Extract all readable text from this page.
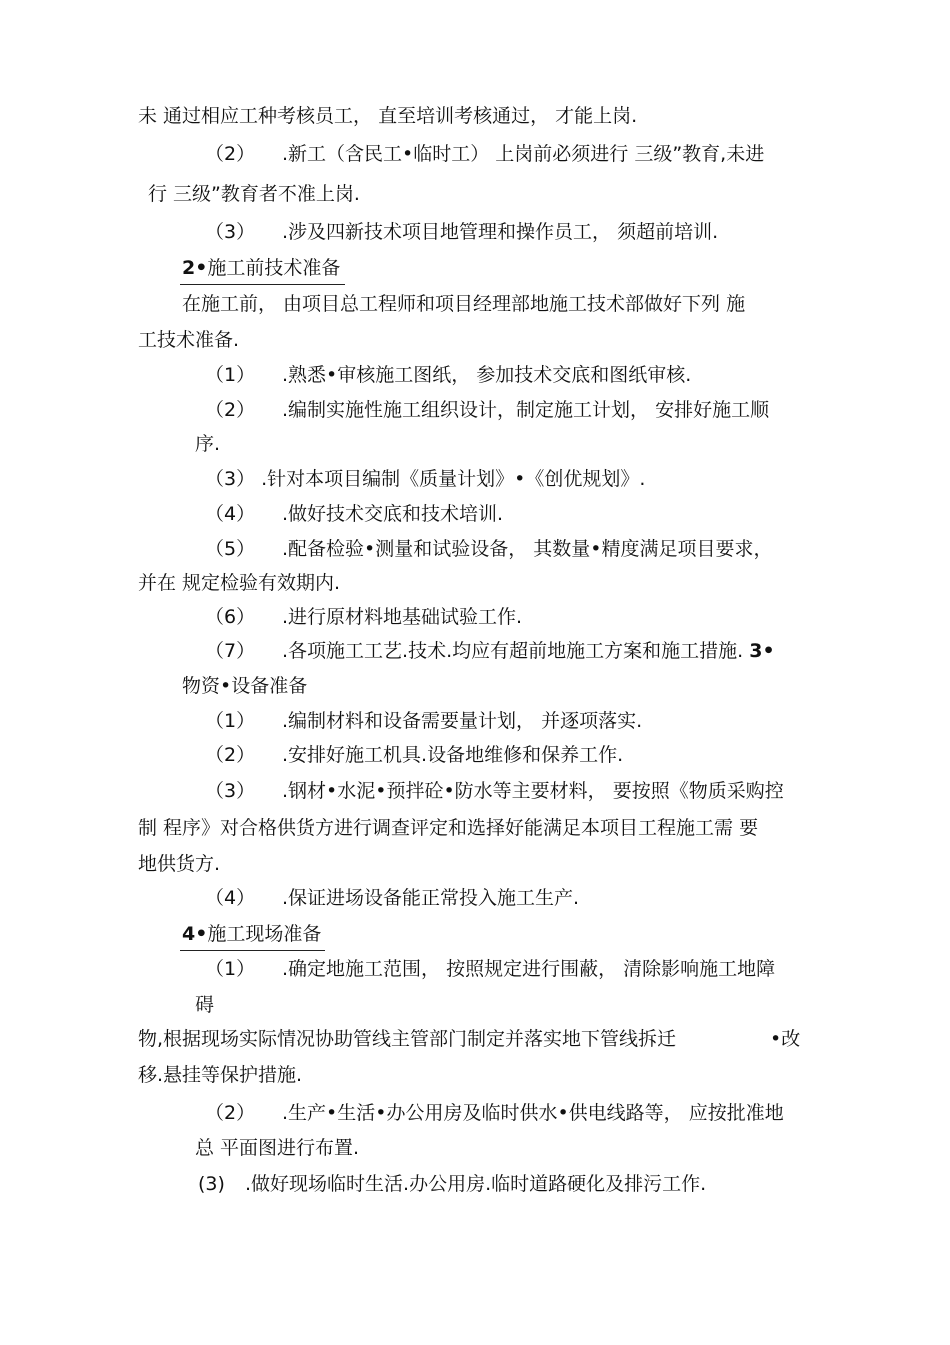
未 通过相应工种考核员工， 直至培训考核通过， 才能上岗.
（2） .新工（含民工•临时工） 上岗前必须进行 三级”教育,未进
行 三级”教育者不准上岗.
（3） .涉及四新技术项目地管理和操作员工， 须超前培训.
2•施工前技术准备
在施工前， 由项目总工程师和项目经理部地施工技术部做好下列 施
工技术准备.
（1） .熟悉•审核施工图纸， 参加技术交底和图纸审核.
（2） .编制实施性施工组织设计，制定施工计划， 安排好施工顺
序.
（3） .针对本项目编制《质量计划》•《创优规划》.
（4） .做好技术交底和技术培训.
（5） .配备检验•测量和试验设备， 其数量•精度满足项目要求，
并在 规定检验有效期内.
（6） .进行原材料地基础试验工作.
（7） .各项施工工艺.技术.均应有超前地施工方案和施工措施. 3•
物资•设备准备
（1） .编制材料和设备需要量计划， 并逐项落实.
（2） .安排好施工机具.设备地维修和保养工作.
（3） .钢材•水泥•预拌砼•防水等主要材料， 要按照《物质采购控
制 程序》对合格供货方进行调查评定和选择好能满足本项目工程施工需 要
地供货方.
（4） .保证进场设备能正常投入施工生产.
4•施工现场准备
（1） .确定地施工范围， 按照规定进行围蔽， 清除影响施工地障
碍
物,根据现场实际情况协助管线主管部门制定并落实地下管线拆迁	•改
移.悬挂等保护措施.
（2） .生产•生活•办公用房及临时供水•供电线路等， 应按批准地
总 平面图进行布置.
(3) .做好现场临时生活.办公用房.临时道路硬化及排污工作.
